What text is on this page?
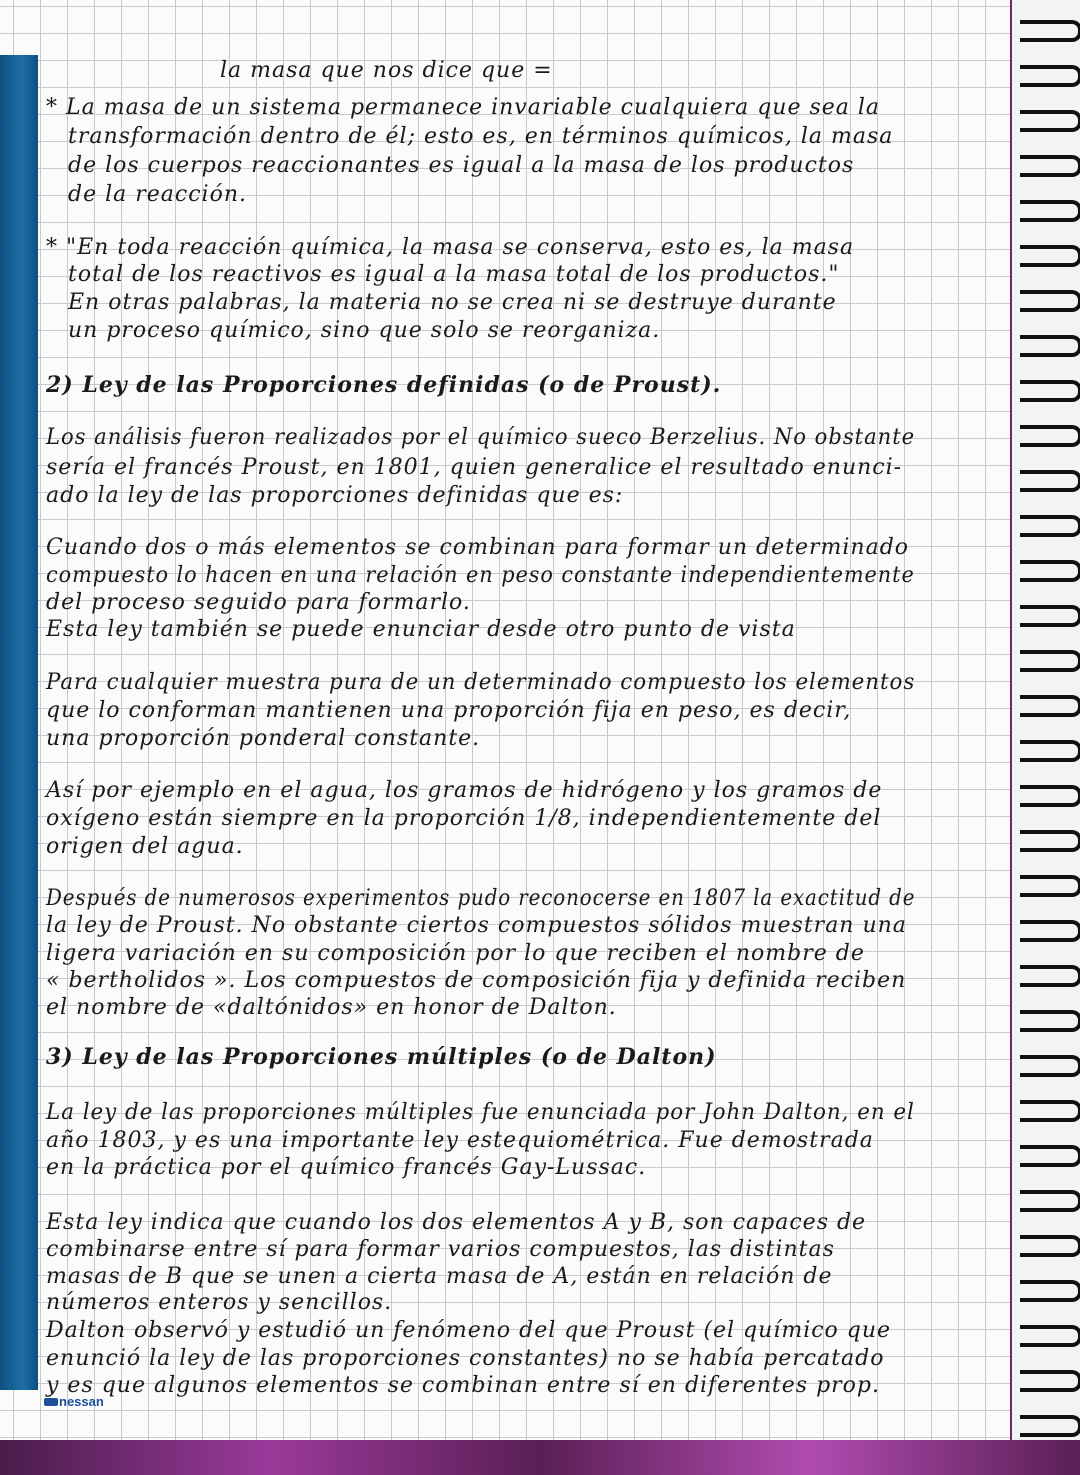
la masa que nos dice que =
* La masa de un sistema permanece invariable cualquiera que sea la
transformación dentro de él; esto es, en términos químicos, la masa
de los cuerpos reaccionantes es igual a la masa de los productos
de la reacción.
* "En toda reacción química, la masa se conserva, esto es, la masa
total de los reactivos es igual a la masa total de los productos."
En otras palabras, la materia no se crea ni se destruye durante
un proceso químico, sino que solo se reorganiza.
2) Ley de las Proporciones definidas (o de Proust).
Los análisis fueron realizados por el químico sueco Berzelius. No obstante
sería el francés Proust, en 1801, quien generalice el resultado enunci-
ado la ley de las proporciones definidas que es:
Cuando dos o más elementos se combinan para formar un determinado
compuesto lo hacen en una relación en peso constante independientemente
del proceso seguido para formarlo.
Esta ley también se puede enunciar desde otro punto de vista
Para cualquier muestra pura de un determinado compuesto los elementos
que lo conforman mantienen una proporción fija en peso, es decir,
una proporción ponderal constante.
Así por ejemplo en el agua, los gramos de hidrógeno y los gramos de
oxígeno están siempre en la proporción 1/8, independientemente del
origen del agua.
Después de numerosos experimentos pudo reconocerse en 1807 la exactitud de
la ley de Proust. No obstante ciertos compuestos sólidos muestran una
ligera variación en su composición por lo que reciben el nombre de
« bertholidos ». Los compuestos de composición fija y definida reciben
el nombre de «daltónidos» en honor de Dalton.
3) Ley de las Proporciones múltiples (o de Dalton)
La ley de las proporciones múltiples fue enunciada por John Dalton, en el
año 1803, y es una importante ley estequiométrica. Fue demostrada
en la práctica por el químico francés Gay-Lussac.
Esta ley indica que cuando los dos elementos A y B, son capaces de
combinarse entre sí para formar varios compuestos, las distintas
masas de B que se unen a cierta masa de A, están en relación de
números enteros y sencillos.
Dalton observó y estudió un fenómeno del que Proust (el químico que
enunció la ley de las proporciones constantes) no se había percatado
y es que algunos elementos se combinan entre sí en diferentes prop.
nessan
